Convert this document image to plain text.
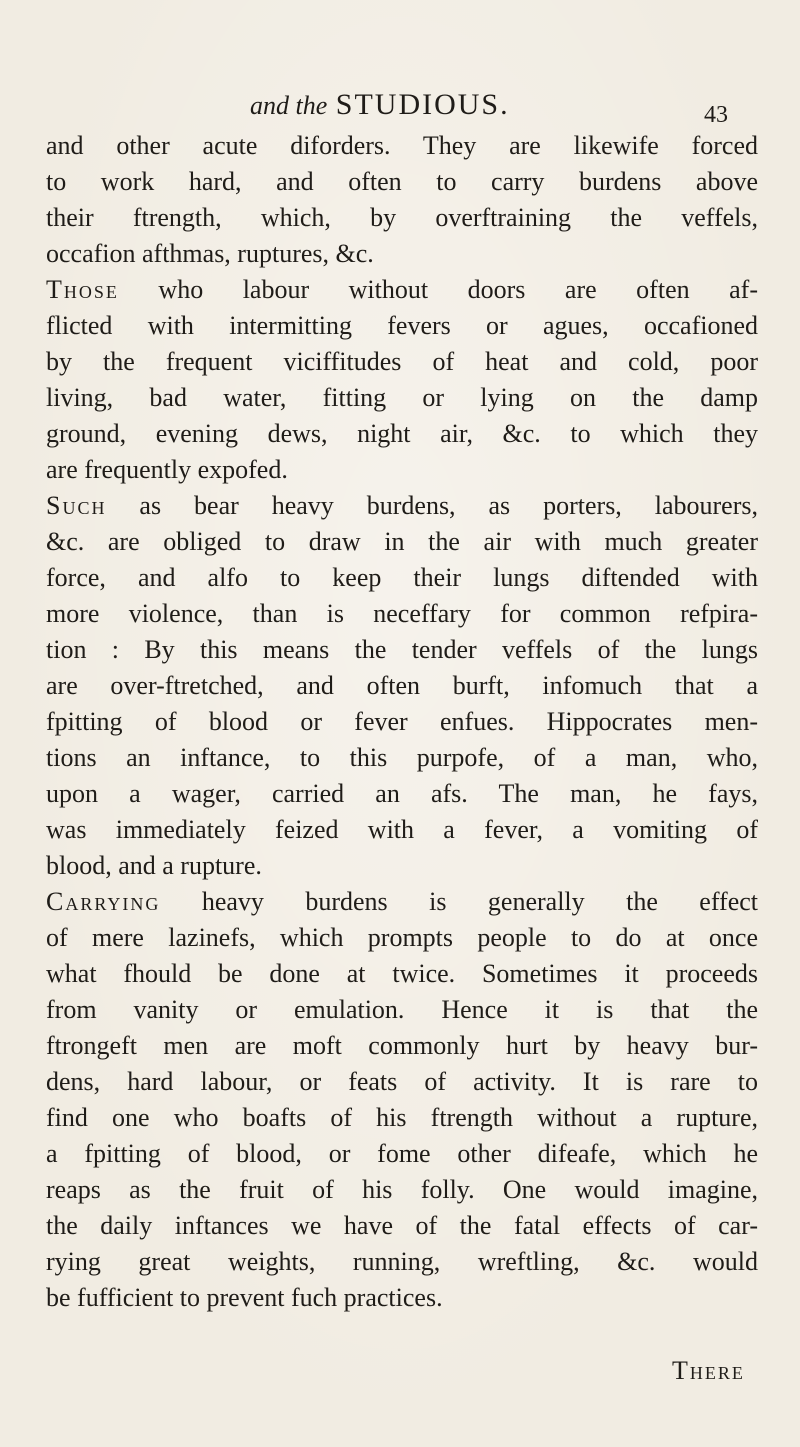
and the STUDIOUS.	43
and other acute diforders. They are likewife forced
to work hard, and often to carry burdens above
their ftrength, which, by overftraining the veffels,
occafion afthmas, ruptures, &c.
Those who labour without doors are often af-
flicted with intermitting fevers or agues, occafioned
by the frequent viciffitudes of heat and cold, poor
living, bad water, fitting or lying on the damp
ground, evening dews, night air, &c. to which they
are frequently expofed.
Such as bear heavy burdens, as porters, labourers,
&c. are obliged to draw in the air with much greater
force, and alfo to keep their lungs diftended with
more violence, than is neceffary for common refpira-
tion : By this means the tender veffels of the lungs
are over-ftretched, and often burft, infomuch that a
fpitting of blood or fever enfues. Hippocrates men-
tions an inftance, to this purpofe, of a man, who,
upon a wager, carried an afs. The man, he fays,
was immediately feized with a fever, a vomiting of
blood, and a rupture.
Carrying heavy burdens is generally the effect
of mere lazinefs, which prompts people to do at once
what fhould be done at twice. Sometimes it proceeds
from vanity or emulation. Hence it is that the
ftrongeft men are moft commonly hurt by heavy bur-
dens, hard labour, or feats of activity. It is rare to
find one who boafts of his ftrength without a rupture,
a fpitting of blood, or fome other difeafe, which he
reaps as the fruit of his folly. One would imagine,
the daily inftances we have of the fatal effects of car-
rying great weights, running, wreftling, &c. would
be fufficient to prevent fuch practices.
There
